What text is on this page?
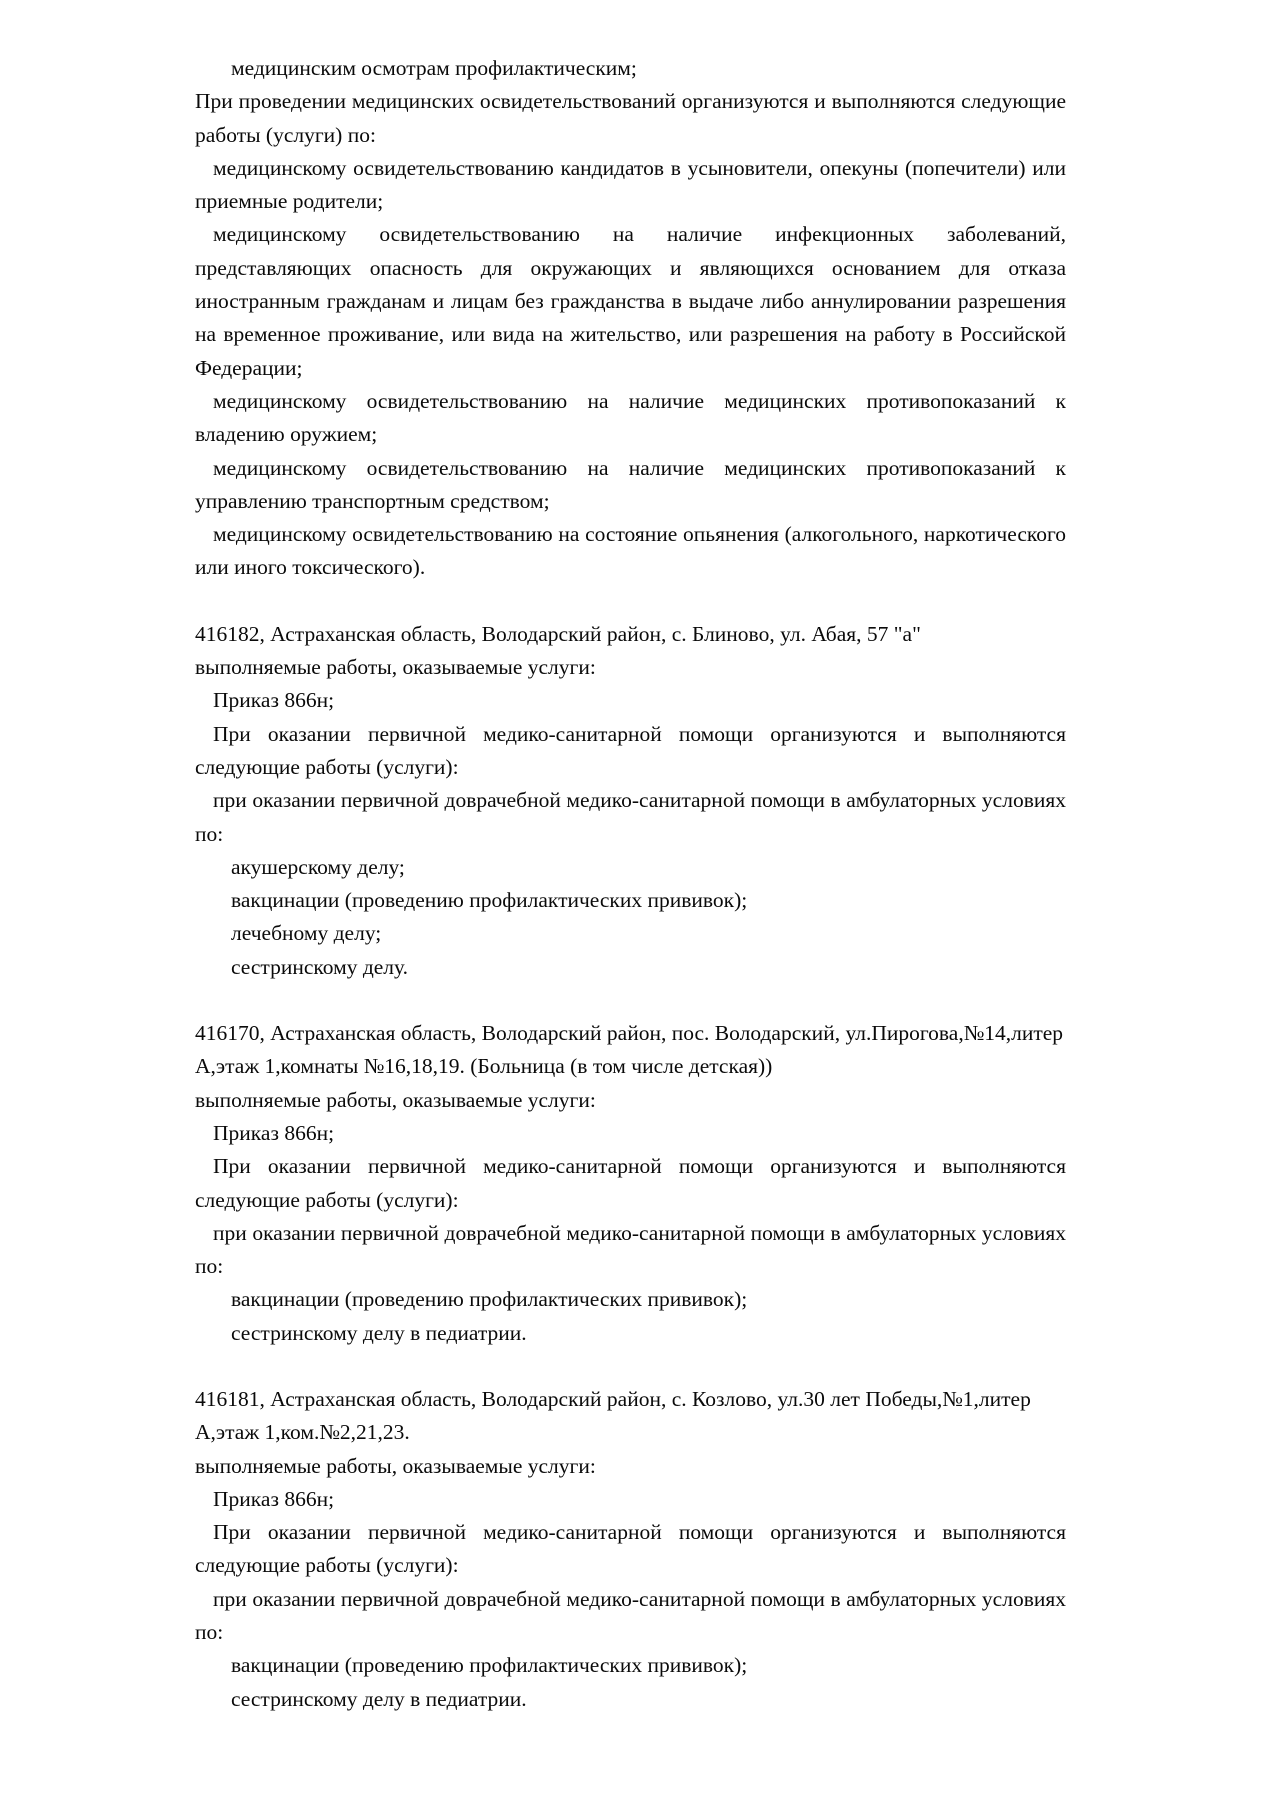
медицинским осмотрам профилактическим;

При проведении медицинских освидетельствований организуются и выполняются следующие работы (услуги) по:

медицинскому освидетельствованию кандидатов в усыновители, опекуны (попечители) или приемные родители;

медицинскому освидетельствованию на наличие инфекционных заболеваний, представляющих опасность для окружающих и являющихся основанием для отказа иностранным гражданам и лицам без гражданства в выдаче либо аннулировании разрешения на временное проживание, или вида на жительство, или разрешения на работу в Российской Федерации;

медицинскому освидетельствованию на наличие медицинских противопоказаний к владению оружием;

медицинскому освидетельствованию на наличие медицинских противопоказаний к управлению транспортным средством;

медицинскому освидетельствованию на состояние опьянения (алкогольного, наркотического или иного токсического).

416182, Астраханская область, Володарский район, с. Блиново, ул. Абая, 57 "а"

выполняемые работы, оказываемые услуги:

Приказ 866н;

При оказании первичной медико-санитарной помощи организуются и выполняются следующие работы (услуги):

при оказании первичной доврачебной медико-санитарной помощи в амбулаторных условиях по:

акушерскому делу;

вакцинации (проведению профилактических прививок);

лечебному делу;

сестринскому делу.

416170, Астраханская область, Володарский район, пос. Володарский, ул.Пирогова,№14,литер А,этаж 1,комнаты №16,18,19. (Больница (в том числе детская))

выполняемые работы, оказываемые услуги:

Приказ 866н;

При оказании первичной медико-санитарной помощи организуются и выполняются следующие работы (услуги):

при оказании первичной доврачебной медико-санитарной помощи в амбулаторных условиях по:

вакцинации (проведению профилактических прививок);

сестринскому делу в педиатрии.

416181, Астраханская область, Володарский район, с. Козлово, ул.30 лет Победы,№1,литер А,этаж 1,ком.№2,21,23.

выполняемые работы, оказываемые услуги:

Приказ 866н;

При оказании первичной медико-санитарной помощи организуются и выполняются следующие работы (услуги):

при оказании первичной доврачебной медико-санитарной помощи в амбулаторных условиях по:

вакцинации (проведению профилактических прививок);

сестринскому делу в педиатрии.
